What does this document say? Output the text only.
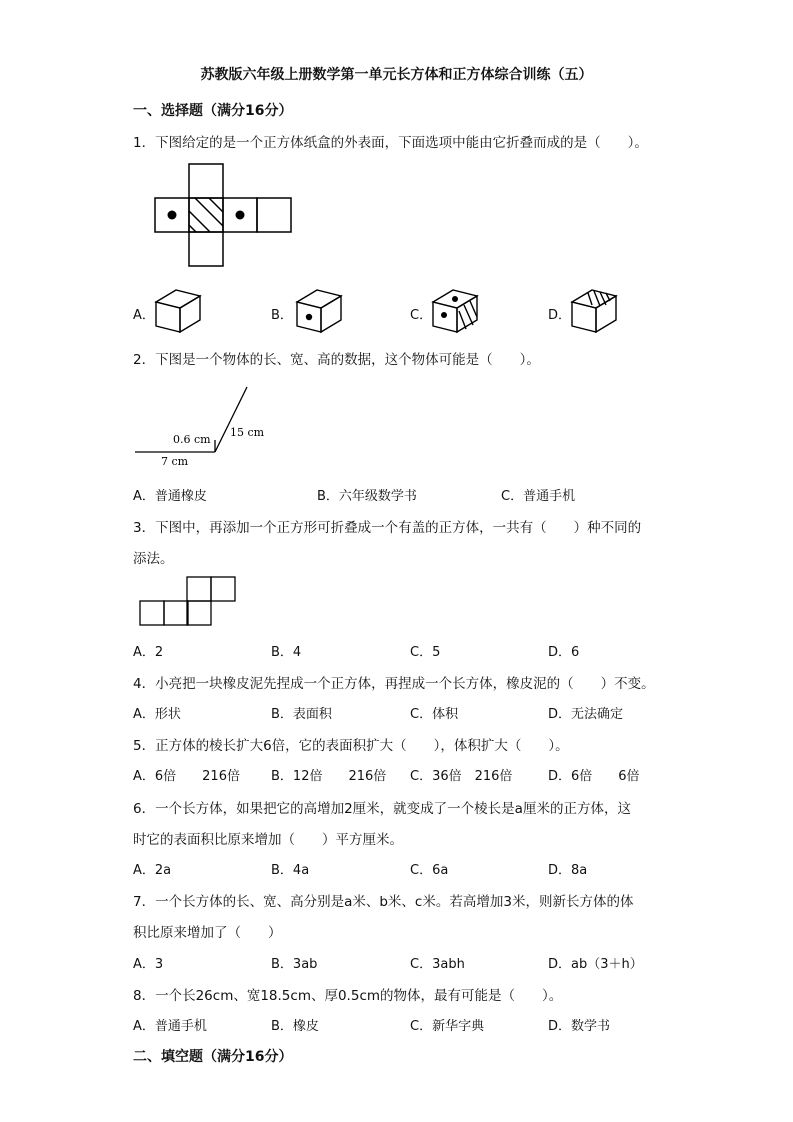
苏教版六年级上册数学第一单元长方体和正方体综合训练（五）
一、选择题（满分16分）
1．下图给定的是一个正方体纸盒的外表面，下面选项中能由它折叠而成的是（　　）。
A．	B．	C．	D．
2．下图是一个物体的长、宽、高的数据，这个物体可能是（　　）。
0.6 cm
7 cm
15 cm
A．普通橡皮	B．六年级数学书	C．普通手机
3．下图中，再添加一个正方形可折叠成一个有盖的正方体，一共有（　　）种不同的
添法。
A．2	B．4	C．5	D．6
4．小亮把一块橡皮泥先捏成一个正方体，再捏成一个长方体，橡皮泥的（　　）不变。
A．形状	B．表面积	C．体积	D．无法确定
5．正方体的棱长扩大6倍，它的表面积扩大（　　），体积扩大（　　）。
A．6倍　　216倍 B．12倍　　216倍 C．36倍　216倍	D．6倍　　6倍
6．一个长方体，如果把它的高增加2厘米，就变成了一个棱长是a厘米的正方体，这
时它的表面积比原来增加（　　）平方厘米。
A．2a	B．4a	C．6a	D．8a
7．一个长方体的长、宽、高分别是a米、b米、c米。若高增加3米，则新长方体的体
积比原来增加了（　　）
A．3	B．3ab	C．3abh	D．ab（3＋h）
8．一个长26cm、宽18.5cm、厚0.5cm的物体，最有可能是（　　）。
A．普通手机	B．橡皮	C．新华字典	D．数学书
二、填空题（满分16分）
